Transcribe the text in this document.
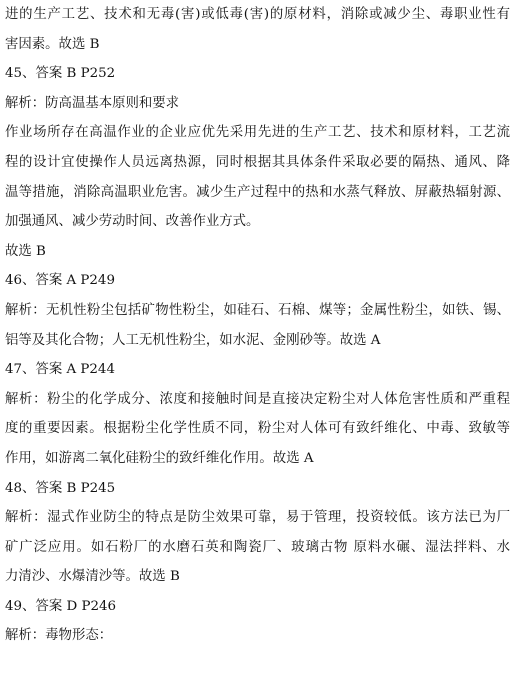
进的生产工艺、技术和无毒(害)或低毒(害)的原材料，消除或减少尘、毒职业性有
害因素。故选 B
45、答案 B P252
解析：防高温基本原则和要求
作业场所存在高温作业的企业应优先采用先进的生产工艺、技术和原材料，工艺流
程的设计宜使操作人员远离热源，同时根据其具体条件采取必要的隔热、通风、降
温等措施，消除高温职业危害。减少生产过程中的热和水蒸气释放、屏蔽热辐射源、
加强通风、减少劳动时间、改善作业方式。
故选 B
46、答案 A P249
解析：无机性粉尘包括矿物性粉尘，如硅石、石棉、煤等；金属性粉尘，如铁、锡、
铝等及其化合物；人工无机性粉尘，如水泥、金刚砂等。故选 A
47、答案 A P244
解析：粉尘的化学成分、浓度和接触时间是直接决定粉尘对人体危害性质和严重程
度的重要因素。根据粉尘化学性质不同，粉尘对人体可有致纤维化、中毒、致敏等
作用，如游离二氧化硅粉尘的致纤维化作用。故选 A
48、答案 B P245
解析：湿式作业防尘的特点是防尘效果可靠，易于管理，投资较低。该方法已为厂
矿广泛应用。如石粉厂的水磨石英和陶瓷厂、玻璃古物 原料水碾、湿法拌料、水
力清沙、水爆清沙等。故选 B
49、答案 D P246
解析：毒物形态：
